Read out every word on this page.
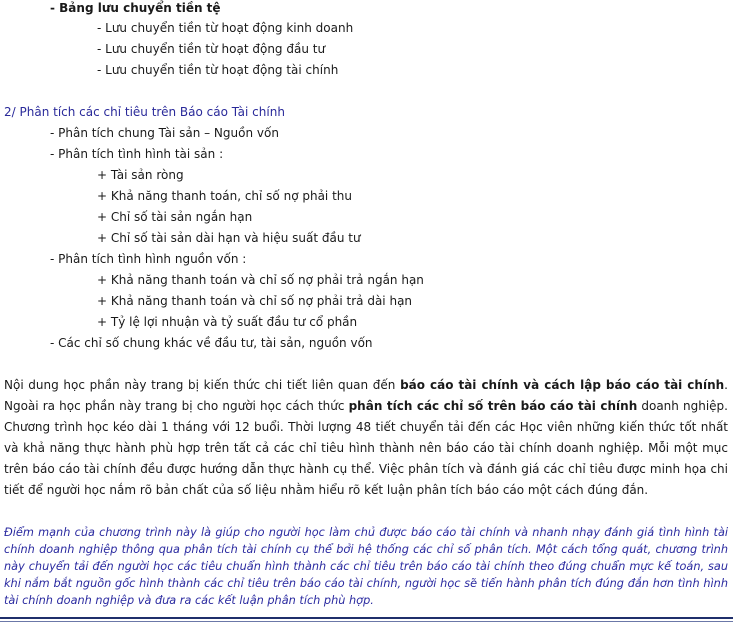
- Bảng lưu chuyển tiền tệ
- Lưu chuyển tiền từ hoạt động kinh doanh
- Lưu chuyển tiền từ hoạt động đầu tư
- Lưu chuyển tiền từ hoạt động tài chính
2/ Phân tích các chỉ tiêu trên Báo cáo Tài chính
- Phân tích chung Tài sản – Nguồn vốn
- Phân tích tình hình tài sản :
+ Tài sản ròng
+ Khả năng thanh toán, chỉ số nợ phải thu
+ Chỉ số tài sản ngắn hạn
+ Chỉ số tài sản dài hạn và hiệu suất đầu tư
- Phân tích tình hình nguồn vốn :
+ Khả năng thanh toán và chỉ số nợ phải trả ngắn hạn
+ Khả năng thanh toán và chỉ số nợ phải trả dài hạn
+ Tỷ lệ lợi nhuận và tỷ suất đầu tư cổ phần
- Các chỉ số chung khác về đầu tư, tài sản, nguồn vốn
Nội dung học phần này trang bị kiến thức chi tiết liên quan đến báo cáo tài chính và cách lập báo cáo tài chính. Ngoài ra học phần này trang bị cho người học cách thức phân tích các chỉ số trên báo cáo tài chính doanh nghiệp. Chương trình học kéo dài 1 tháng với 12 buổi. Thời lượng 48 tiết chuyển tải đến các Học viên những kiến thức tốt nhất và khả năng thực hành phù hợp trên tất cả các chỉ tiêu hình thành nên báo cáo tài chính doanh nghiệp. Mỗi một mục trên báo cáo tài chính đều được hướng dẫn thực hành cụ thể. Việc phân tích và đánh giá các chỉ tiêu được minh họa chi tiết để người học nắm rõ bản chất của số liệu nhằm hiểu rõ kết luận phân tích báo cáo một cách đúng đắn.
Điểm mạnh của chương trình này là giúp cho người học làm chủ được báo cáo tài chính và nhanh nhạy đánh giá tình hình tài chính doanh nghiệp thông qua phân tích tài chính cụ thể bởi hệ thống các chỉ số phân tích. Một cách tổng quát, chương trình này chuyển tải đến người học các tiêu chuẩn hình thành các chỉ tiêu trên báo cáo tài chính theo đúng chuẩn mực kế toán, sau khi nắm bắt nguồn gốc hình thành các chỉ tiêu trên báo cáo tài chính, người học sẽ tiến hành phân tích đúng đắn hơn tình hình tài chính doanh nghiệp và đưa ra các kết luận phân tích phù hợp.
